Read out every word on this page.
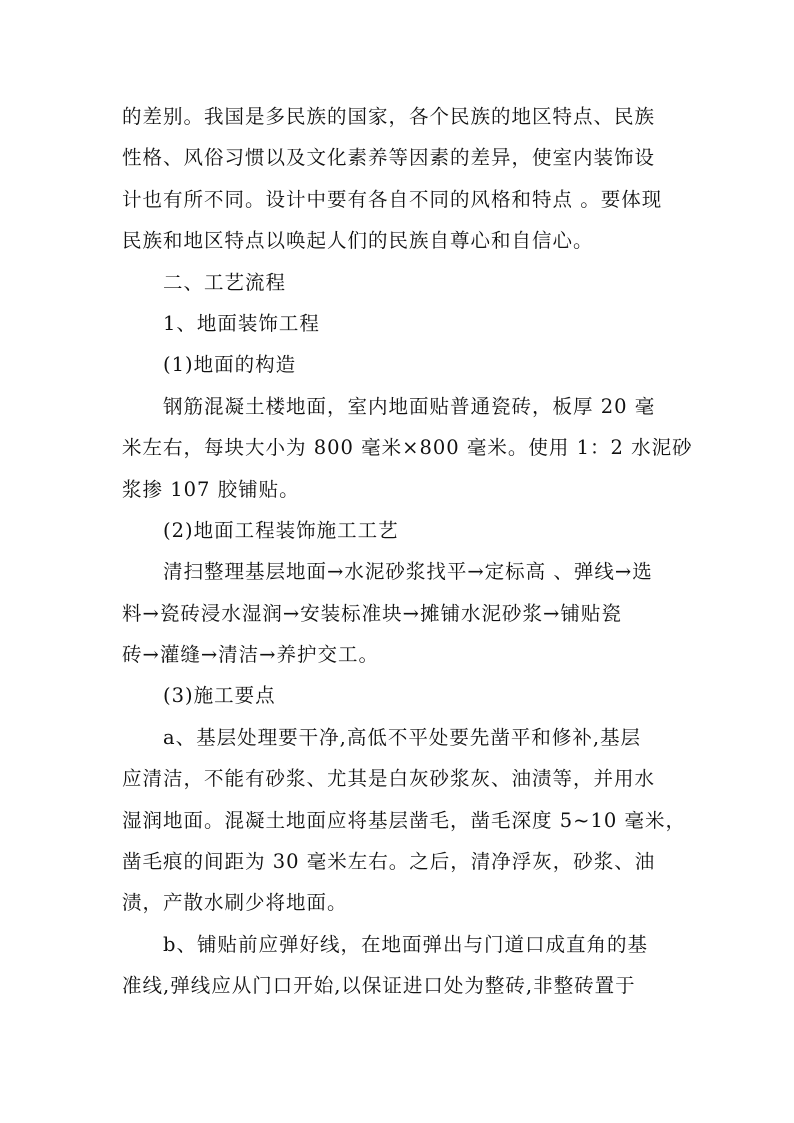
的差别。我国是多民族的国家，各个民族的地区特点、民族
性格、风俗习惯以及文化素养等因素的差异，使室内装饰设
计也有所不同。设计中要有各自不同的风格和特点 。要体现
民族和地区特点以唤起人们的民族自尊心和自信心。
二、工艺流程
1、地面装饰工程
(1)地面的构造
钢筋混凝土楼地面，室内地面贴普通瓷砖，板厚 20 毫
米左右，每块大小为 800 毫米×800 毫米。使用 1：2 水泥砂
浆掺 107 胶铺贴。
(2)地面工程装饰施工工艺
清扫整理基层地面→水泥砂浆找平→定标高 、弹线→选
料→瓷砖浸水湿润→安装标准块→摊铺水泥砂浆→铺贴瓷
砖→灌缝→清洁→养护交工。
(3)施工要点
a、基层处理要干净,高低不平处要先凿平和修补,基层
应清洁，不能有砂浆、尤其是白灰砂浆灰、油渍等，并用水
湿润地面。混凝土地面应将基层凿毛，凿毛深度 5~10 毫米，
凿毛痕的间距为 30 毫米左右。之后，清净浮灰，砂浆、油
渍，产散水刷少将地面。
b、铺贴前应弹好线，在地面弹出与门道口成直角的基
准线,弹线应从门口开始,以保证进口处为整砖,非整砖置于
